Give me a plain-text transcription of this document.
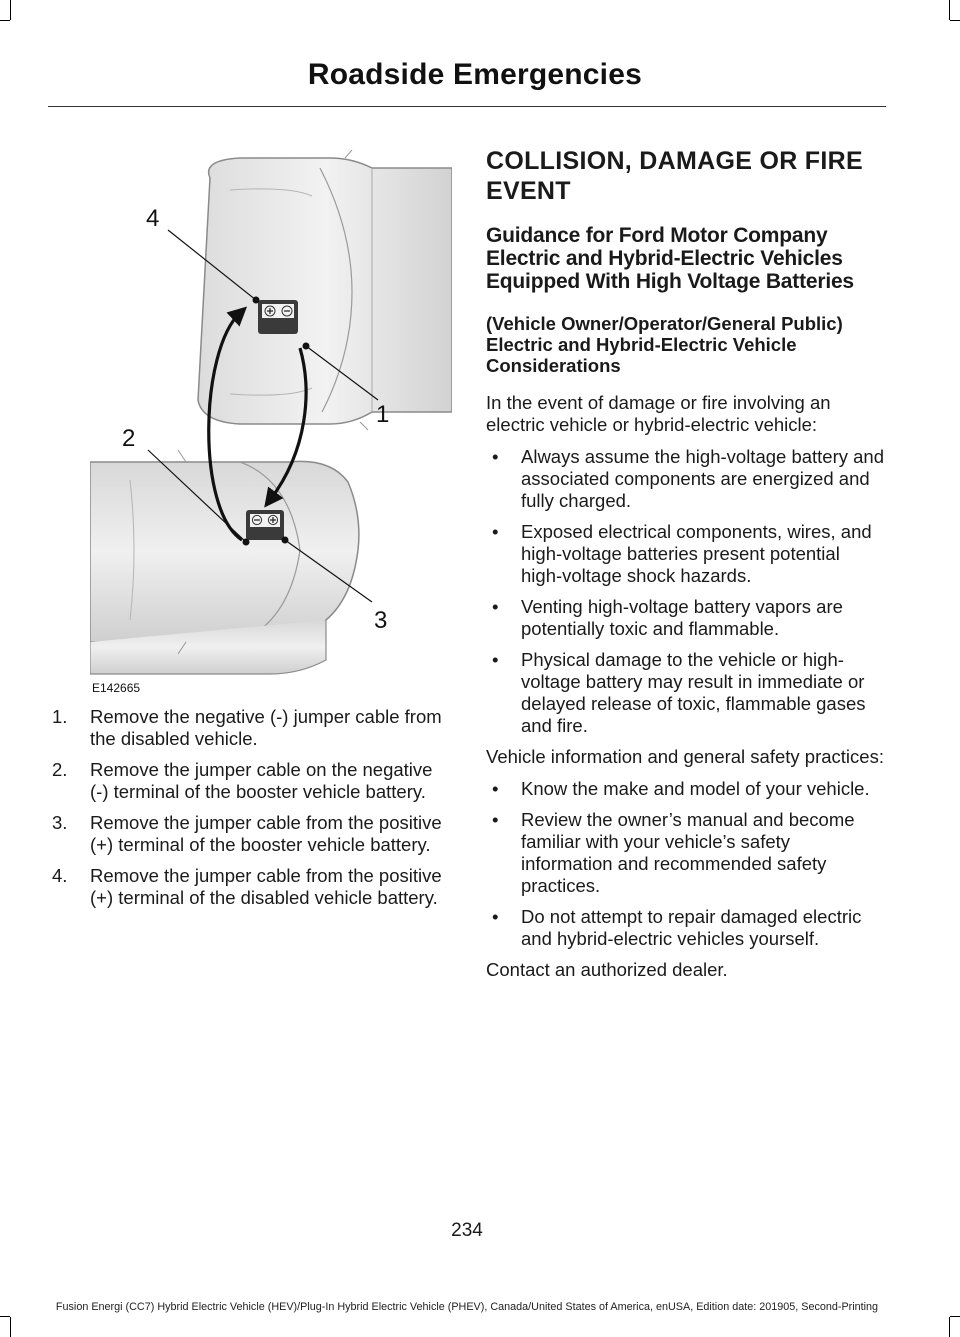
Roadside Emergencies
4
1
2
3
E142665
1. Remove the negative (-) jumper cable from the disabled vehicle.
2. Remove the jumper cable on the negative (-) terminal of the booster vehicle battery.
3. Remove the jumper cable from the positive (+) terminal of the booster vehicle battery.
4. Remove the jumper cable from the positive (+) terminal of the disabled vehicle battery.
COLLISION, DAMAGE OR FIRE EVENT
Guidance for Ford Motor Company Electric and Hybrid-Electric Vehicles Equipped With High Voltage Batteries
(Vehicle Owner/Operator/General Public)
Electric and Hybrid-Electric Vehicle Considerations

In the event of damage or fire involving an electric vehicle or hybrid-electric vehicle:

• Always assume the high-voltage battery and associated components are energized and fully charged.
• Exposed electrical components, wires, and high-voltage batteries present potential high-voltage shock hazards.
• Venting high-voltage battery vapors are potentially toxic and flammable.
• Physical damage to the vehicle or high-voltage battery may result in immediate or delayed release of toxic, flammable gases and fire.

Vehicle information and general safety practices:

• Know the make and model of your vehicle.
• Review the owner’s manual and become familiar with your vehicle’s safety information and recommended safety practices.
• Do not attempt to repair damaged electric and hybrid-electric vehicles yourself.

Contact an authorized dealer.

234
Fusion Energi (CC7) Hybrid Electric Vehicle (HEV)/Plug-In Hybrid Electric Vehicle (PHEV), Canada/United States of America, enUSA, Edition date: 201905, Second-Printing
